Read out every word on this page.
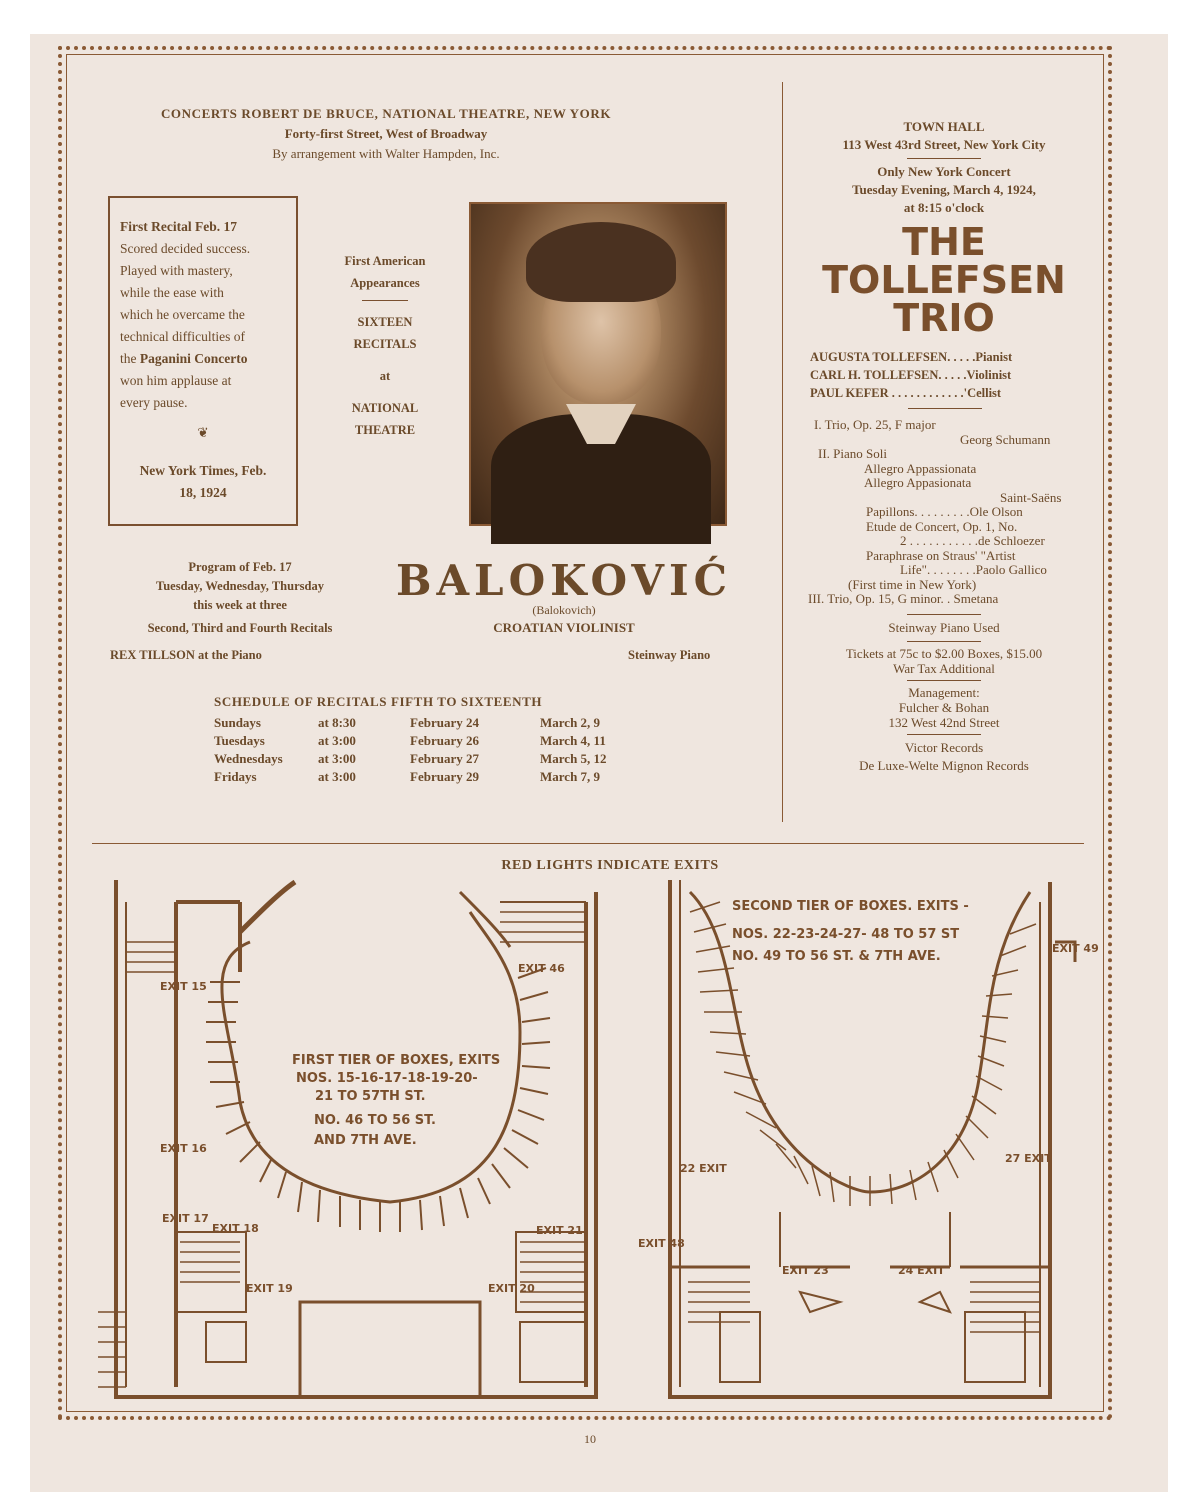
CONCERTS ROBERT DE BRUCE, NATIONAL THEATRE, NEW YORK
Forty-first Street, West of Broadway
By arrangement with Walter Hampden, Inc.
First Recital Feb. 17
Scored decided success.
Played with mastery,
while the ease with
which he overcame the
technical difficulties of
the Paganini Concerto
won him applause at
every pause.
❦
New York Times, Feb.
18, 1924
First American
Appearances
SIXTEEN
RECITALS
at
NATIONAL
THEATRE
Program of Feb. 17
Tuesday, Wednesday, Thursday
this week at three
Second, Third and Fourth Recitals
REX TILLSON at the Piano
BALOKOVIĆ
(Balokovich)
CROATIAN VIOLINIST
Steinway Piano
SCHEDULE OF RECITALS FIFTH TO SIXTEENTH
Sundays	at 8:30	February 24	March 2, 9
Tuesdays	at 3:00	February 26	March 4, 11
Wednesdays	at 3:00	February 27	March 5, 12
Fridays	at 3:00	February 29	March 7, 9
TOWN HALL
113 West 43rd Street, New York City
Only New York Concert
Tuesday Evening, March 4, 1924,
at 8:15 o'clock
THE
TOLLEFSEN
TRIO
AUGUSTA TOLLEFSEN. . . . .Pianist
CARL H. TOLLEFSEN. . . . .Violinist
PAUL KEFER . . . . . . . . . . . .'Cellist
I. Trio, Op. 25, F major
Georg Schumann
II. Piano Soli
Allegro Appassionata
Allegro Appasionata
Saint-Saëns
Papillons. . . . . . . . .Ole Olson
Etude de Concert, Op. 1, No.
2 . . . . . . . . . . .de Schloezer
Paraphrase on Straus' "Artist
Life". . . . . . . .Paolo Gallico
(First time in New York)
III. Trio, Op. 15, G minor. . Smetana
Steinway Piano Used
Tickets at 75c to $2.00 Boxes, $15.00
War Tax Additional
Management:
Fulcher & Bohan
132 West 42nd Street
Victor Records
De Luxe-Welte Mignon Records
RED LIGHTS INDICATE EXITS
EXIT 15
EXIT 16
EXIT 17
EXIT 18
EXIT 19	EXIT 20
EXIT 21
EXIT 46
22 EXIT
EXIT 23	24 EXIT
27 EXIT
EXIT 48
EXIT 49
FIRST TIER OF BOXES, EXITS
NOS. 15-16-17-18-19-20-
21 TO 57TH ST.
NO. 46 TO 56 ST.
AND 7TH AVE.
SECOND TIER OF BOXES. EXITS -
NOS. 22-23-24-27- 48 TO 57 ST
NO. 49 TO 56 ST. & 7TH AVE.
10
